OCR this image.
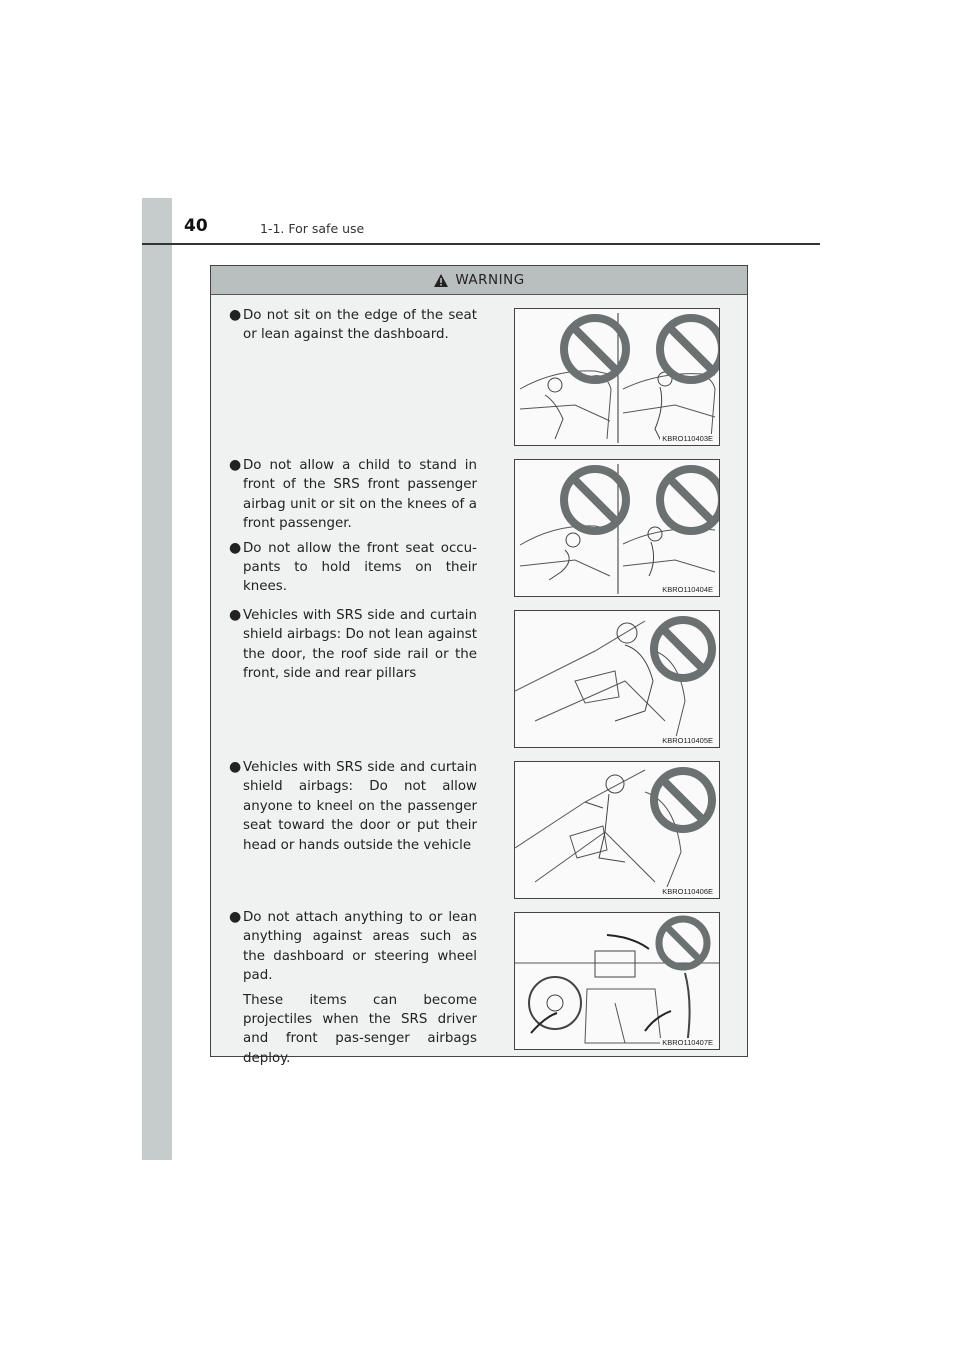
40	1-1. For safe use
WARNING
● Do not sit on the edge of the seat or lean against the dashboard.
KBRO110403E
● Do not allow a child to stand in front of the SRS front passenger airbag unit or sit on the knees of a front passenger.
● Do not allow the front seat occu-pants to hold items on their knees.	KBRO110404E
● Vehicles with SRS side and curtain shield airbags: Do not lean against the door, the roof side rail or the front, side and rear pillars
KBRO110405E
● Vehicles with SRS side and curtain shield airbags: Do not allow anyone to kneel on the passenger seat toward the door or put their head or hands outside the vehicle
KBRO110406E
● Do not attach anything to or lean anything against areas such as the dashboard or steering wheel pad.
These items can become projectiles when the SRS driver and front pas-senger airbags deploy.
KBRO110407E
